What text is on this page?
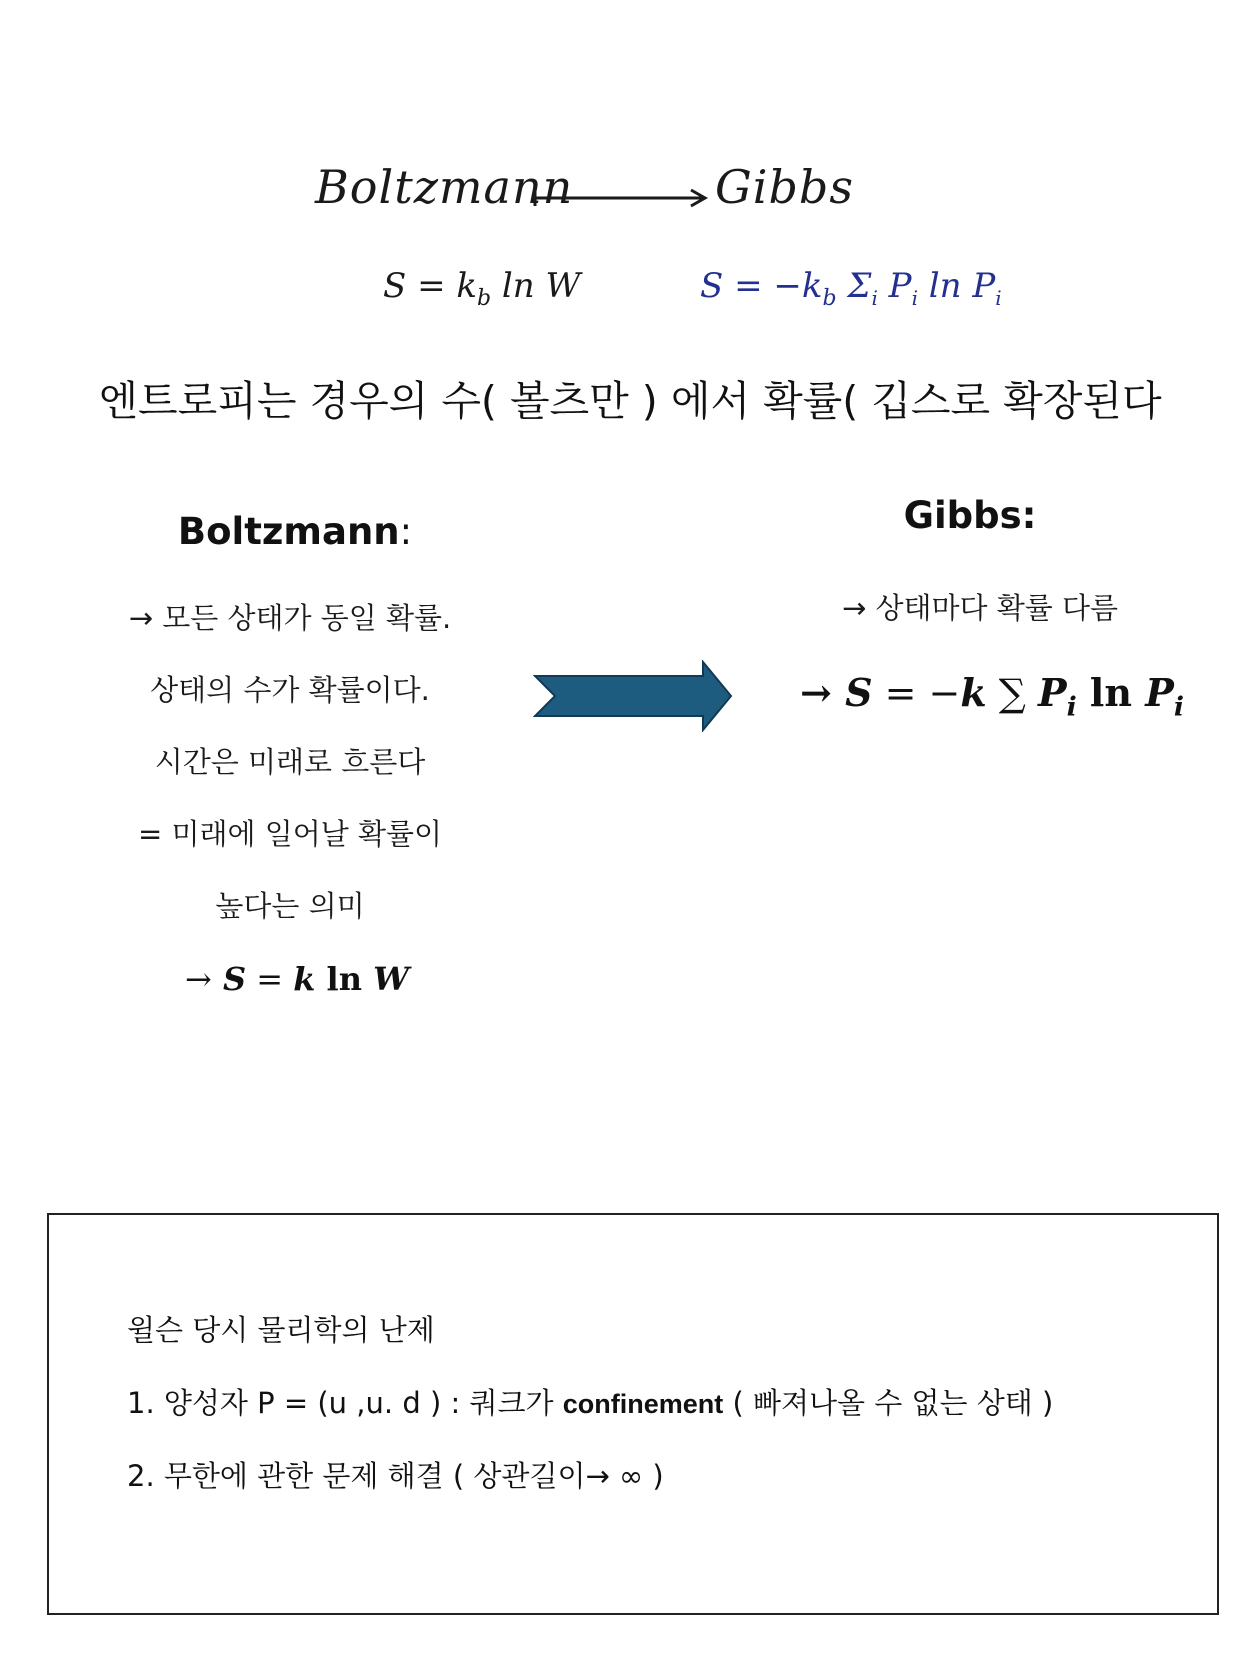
Boltzmann	Gibbs
$S = k_b$ ln W	$S = -k_b$ $\Sigma_i$ $P_i$ $\ln P_i$
엔트로피는 경우의 수( 볼츠만 ) 에서 확률( 깁스로 확장된다
Boltzmann:
→ 모든 상태가 동일 확률.
상태의 수가 확률이다.
시간은 미래로 흐른다
= 미래에 일어날 확률이
높다는 의미
→ S = k ln W
Gibbs:
→ 상태마다 확률 다름
→ S = −k ∑ $P_i$ $\ln P_i$
윌슨 당시 물리학의 난제
1. 양성자 P = (u ,u. d ) : 쿼크가 confinement ( 빠져나올 수 없는 상태 )
2. 무한에 관한 문제 해결 ( 상관길이→ ∞ )
